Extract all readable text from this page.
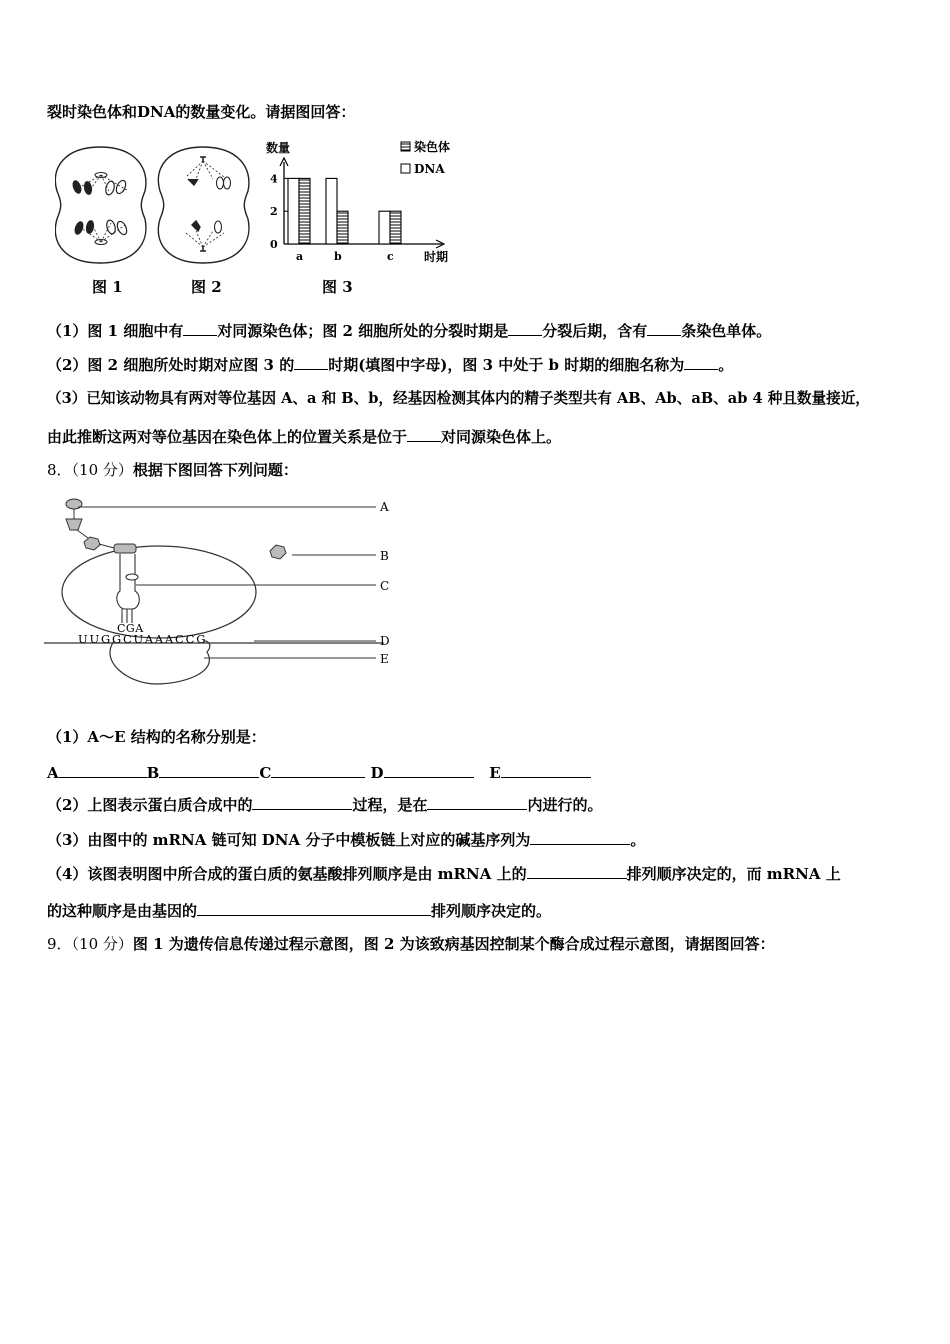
裂时染色体和DNA的数量变化。请据图回答：
数量
时期
0
2
4
a	b	c
染色体
DNA
图 1	图 2	图 3
（1）图 1 细胞中有 对同源染色体；图 2 细胞所处的分裂时期是 分裂后期，含有 条染色单体。
（2）图 2 细胞所处时期对应图 3 的 时期(填图中字母)，图 3 中处于 b 时期的细胞名称为 。
（3）已知该动物具有两对等位基因 A、a 和 B、b，经基因检测其体内的精子类型共有 AB、Ab、aB、ab 4 种且数量接近，
由此推断这两对等位基因在染色体上的位置关系是位于 对同源染色体上。
8．（10 分）根据下图回答下列问题：
CGA
UUGGCUAAACCG
A
B
C
D
E
（1）A～E 结构的名称分别是：
A	B	C	D	E
（2）上图表示蛋白质合成中的	过程，是在	内进行的。
（3）由图中的 mRNA 链可知 DNA 分子中模板链上对应的碱基序列为	。
（4）该图表明图中所合成的蛋白质的氨基酸排列顺序是由 mRNA 上的	排列顺序决定的，而 mRNA 上
的这种顺序是由基因的	排列顺序决定的。
9．（10 分）图 1 为遗传信息传递过程示意图，图 2 为该致病基因控制某个酶合成过程示意图，请据图回答：
